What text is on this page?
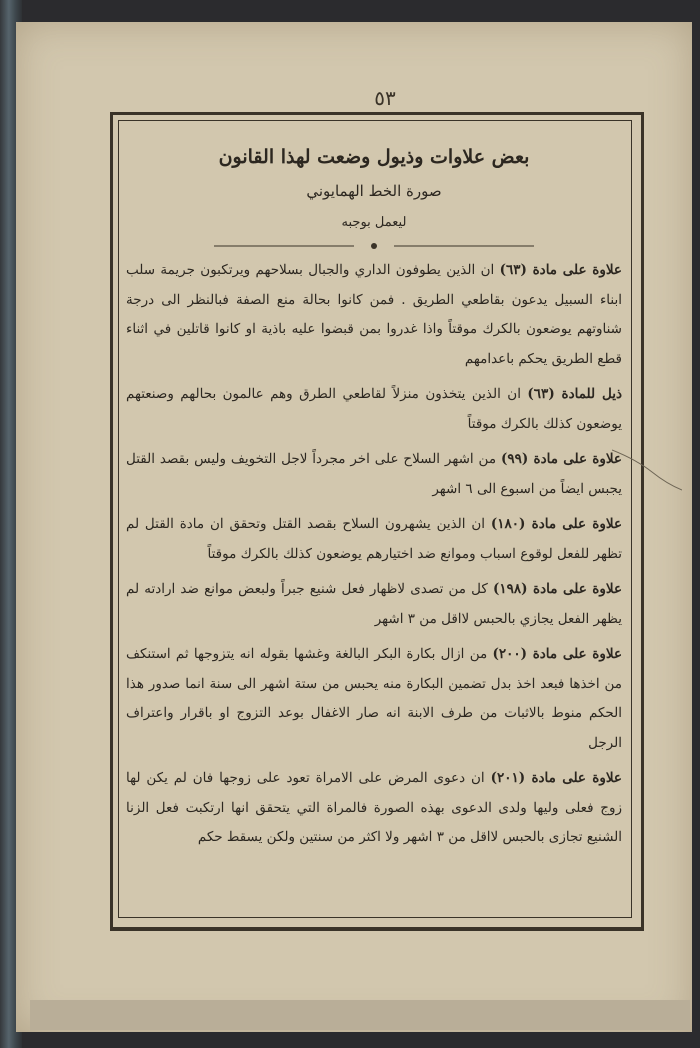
٥٣

بعض علاوات وذيول وضعت لهذا القانون

صورة الخط الهمايوني

ليعمل بوجبه

علاوة على مادة (٦٣) ان الذين يطوفون الداري والجبال بسلاحهم ويرتكبون جريمة سلب ابناء السبيل يدعون بقاطعي الطريق . فمن كانوا بحالة منع الصفة فبالنظر الى درجة شناوتهم يوضعون بالكرك موقتاً واذا غدروا بمن قبضوا عليه باذية او كانوا قاتلين في اثناء قطع الطريق يحكم باعدامهم

ذيل للمادة (٦٣) ان الذين يتخذون منزلاً لقاطعي الطرق وهم عالمون بحالهم وصنعتهم يوضعون كذلك بالكرك موقتاً

علاوة على مادة (٩٩) من اشهر السلاح على اخر مجرداً لاجل التخويف وليس بقصد القتل يجبس ايضاً من اسبوع الى ٦ اشهر

علاوة على مادة (١٨٠) ان الذين يشهرون السلاح بقصد القتل وتحقق ان مادة القتل لم تظهر للفعل لوقوع اسباب وموانع ضد اختيارهم يوضعون كذلك بالكرك موقتاً

علاوة على مادة (١٩٨) كل من تصدى لاظهار فعل شنيع جبراً ولبعض موانع ضد ارادته لم يظهر الفعل يجازي بالحبس لااقل من ٣ اشهر

علاوة على مادة (٢٠٠) من ازال بكارة البكر البالغة وغشها بقوله انه يتزوجها ثم استنكف من اخذها فبعد اخذ بدل تضمين البكارة منه يحبس من ستة اشهر الى سنة انما صدور هذا الحكم منوط بالاثبات من طرف الابنة انه صار الاغفال بوعد التزوج او باقرار واعتراف الرجل

علاوة على مادة (٢٠١) ان دعوى المرض على الامراة تعود على زوجها فان لم يكن لها زوج فعلى وليها ولدى الدعوى بهذه الصورة فالمراة التي يتحقق انها ارتكبت فعل الزنا الشنيع تجازى بالحبس لااقل من ٣ اشهر ولا اكثر من سنتين ولكن يسقط حكم
